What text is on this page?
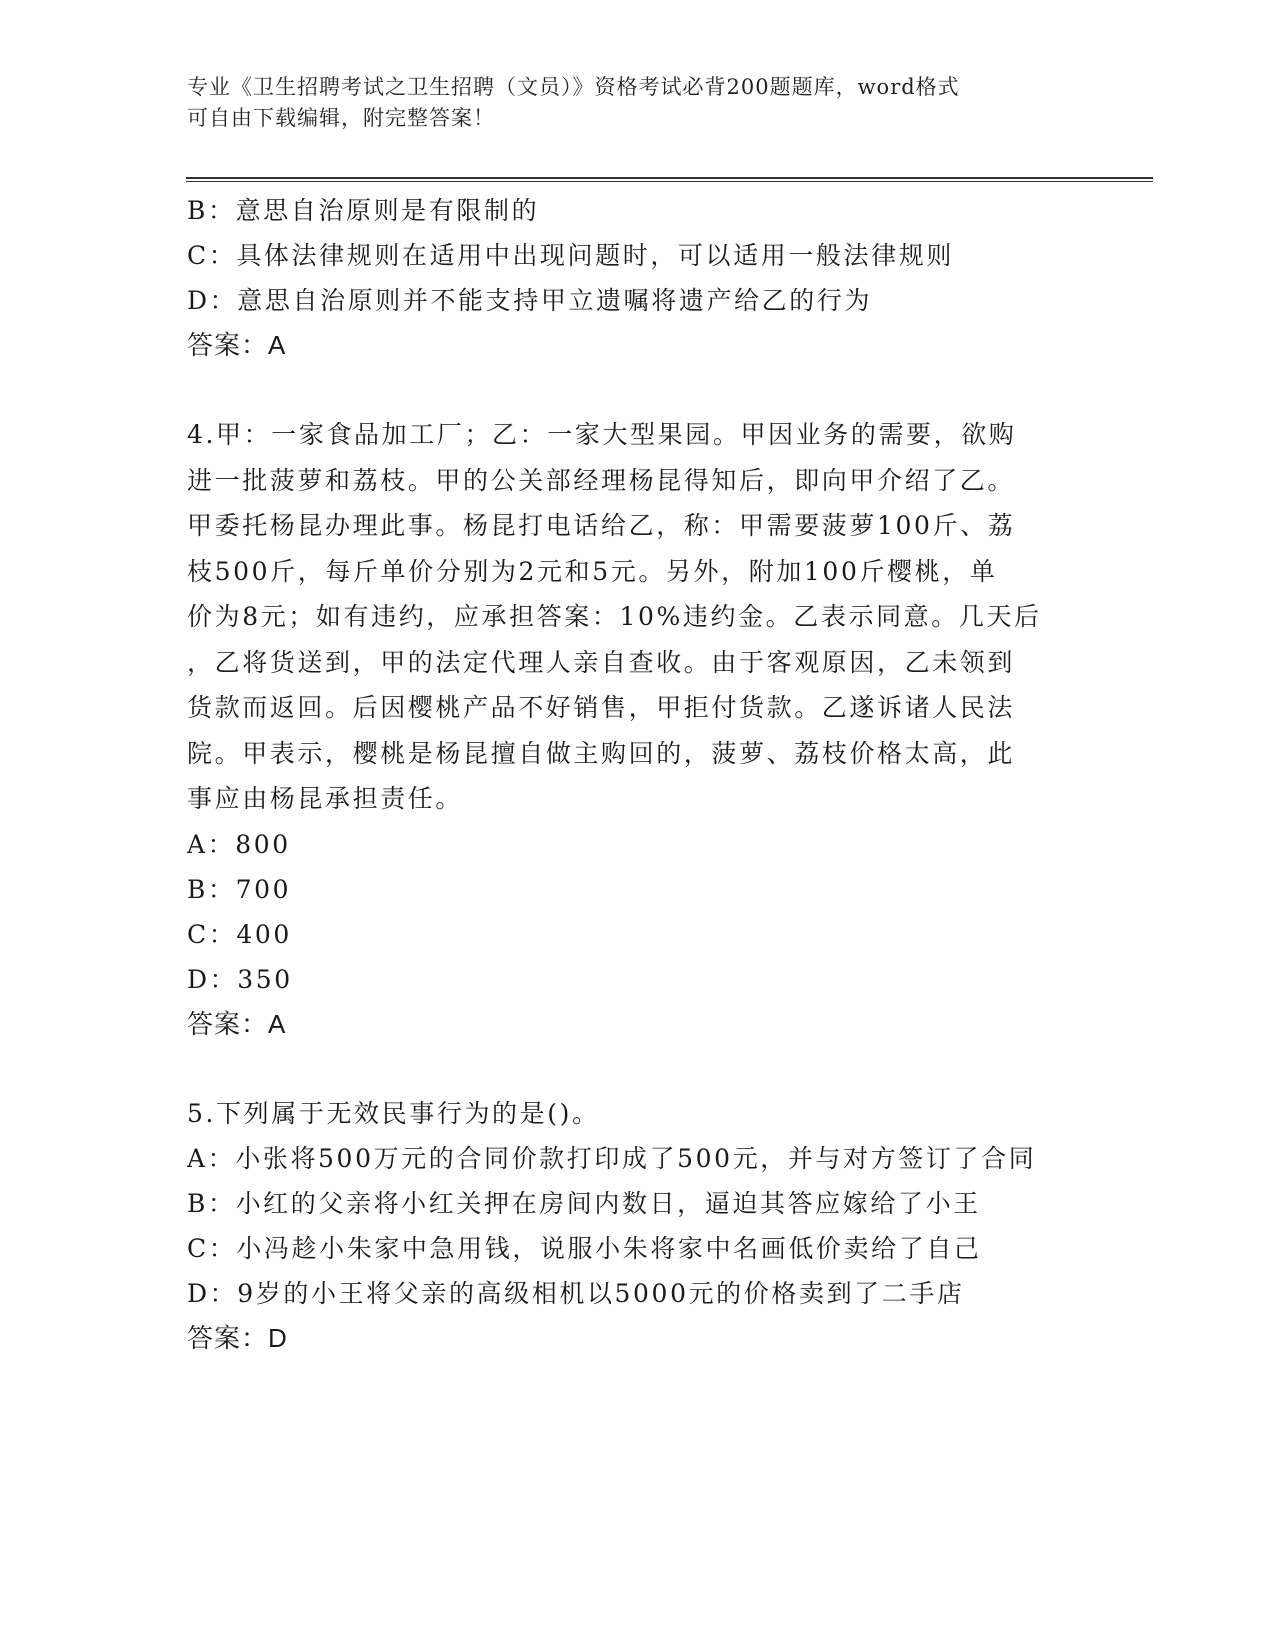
专业《卫生招聘考试之卫生招聘（文员）》资格考试必背200题题库，word格式
可自由下载编辑，附完整答案！
B：意思自治原则是有限制的
C：具体法律规则在适用中出现问题时，可以适用一般法律规则
D：意思自治原则并不能支持甲立遗嘱将遗产给乙的行为
答案：A
4.甲：一家食品加工厂；乙：一家大型果园。甲因业务的需要，欲购
进一批菠萝和荔枝。甲的公关部经理杨昆得知后，即向甲介绍了乙。
甲委托杨昆办理此事。杨昆打电话给乙，称：甲需要菠萝100斤、荔
枝500斤，每斤单价分别为2元和5元。另外，附加100斤樱桃，单
价为8元；如有违约，应承担答案：10%违约金。乙表示同意。几天后
，乙将货送到，甲的法定代理人亲自查收。由于客观原因，乙未领到
货款而返回。后因樱桃产品不好销售，甲拒付货款。乙遂诉诸人民法
院。甲表示，樱桃是杨昆擅自做主购回的，菠萝、荔枝价格太高，此
事应由杨昆承担责任。
A：800
B：700
C：400
D：350
答案：A
5.下列属于无效民事行为的是()。
A：小张将500万元的合同价款打印成了500元，并与对方签订了合同
B：小红的父亲将小红关押在房间内数日，逼迫其答应嫁给了小王
C：小冯趁小朱家中急用钱，说服小朱将家中名画低价卖给了自己
D：9岁的小王将父亲的高级相机以5000元的价格卖到了二手店
答案：D
